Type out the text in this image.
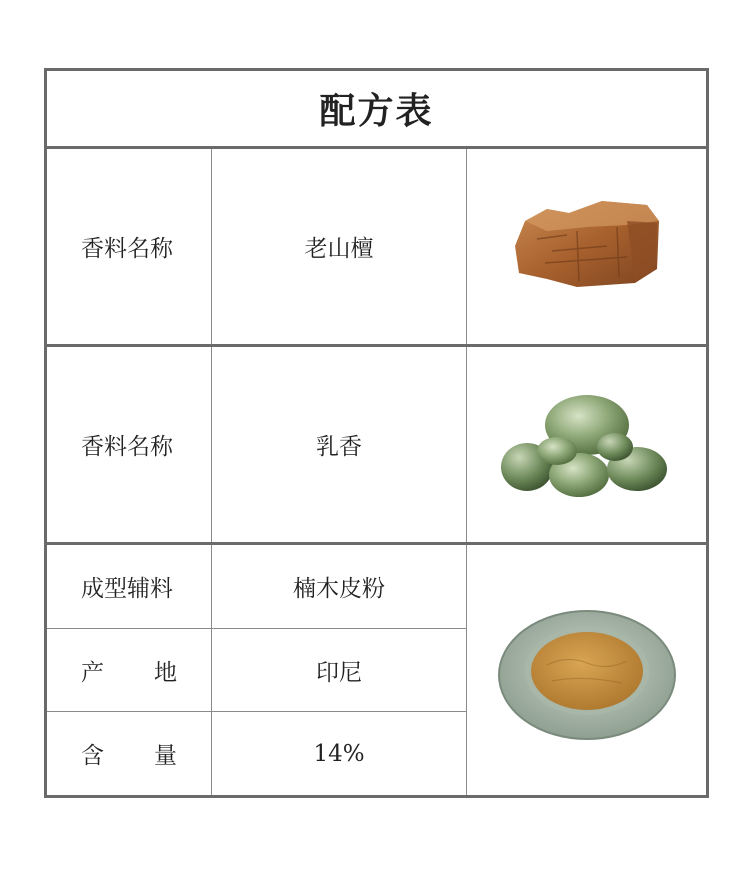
配方表		
香料名称	老山檀	

香料名称	乳香	

成型辅料	楠木皮粉	

产 地	印尼	

含 量	14%	
